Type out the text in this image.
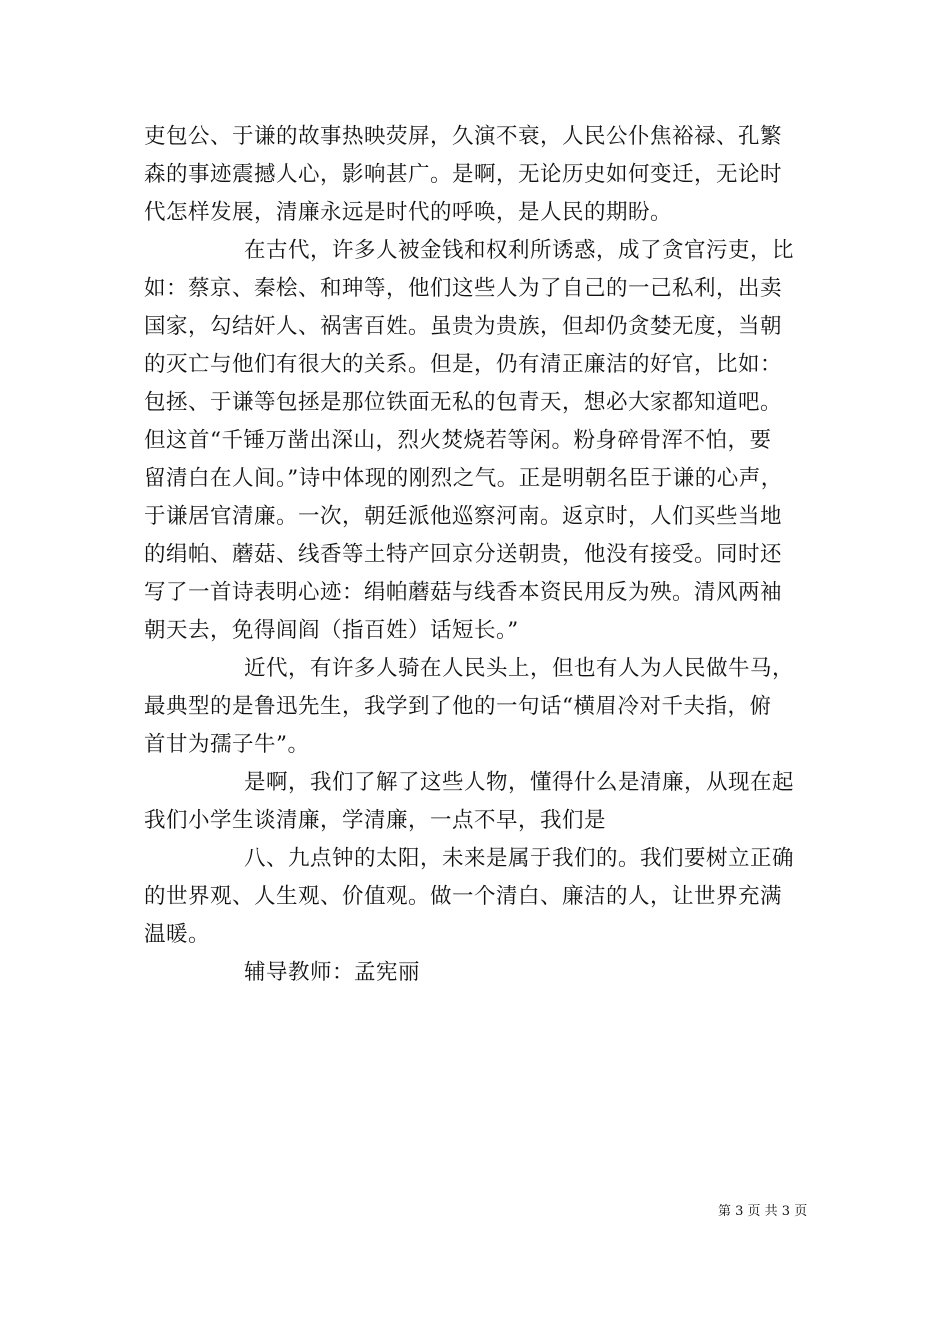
吏包公、于谦的故事热映荧屏，久演不衰，人民公仆焦裕禄、孔繁
森的事迹震撼人心，影响甚广。是啊，无论历史如何变迁，无论时
代怎样发展，清廉永远是时代的呼唤，是人民的期盼。
在古代，许多人被金钱和权利所诱惑，成了贪官污吏，比
如：蔡京、秦桧、和珅等，他们这些人为了自己的一己私利，出卖
国家，勾结奸人、祸害百姓。虽贵为贵族，但却仍贪婪无度，当朝
的灭亡与他们有很大的关系。但是，仍有清正廉洁的好官，比如：
包拯、于谦等包拯是那位铁面无私的包青天，想必大家都知道吧。
但这首“千锤万凿出深山，烈火焚烧若等闲。粉身碎骨浑不怕，要
留清白在人间。”诗中体现的刚烈之气。正是明朝名臣于谦的心声，
于谦居官清廉。一次，朝廷派他巡察河南。返京时，人们买些当地
的绢帕、蘑菇、线香等土特产回京分送朝贵，他没有接受。同时还
写了一首诗表明心迹：绢帕蘑菇与线香本资民用反为殃。清风两袖
朝天去，免得闾阎（指百姓）话短长。”
近代，有许多人骑在人民头上，但也有人为人民做牛马，
最典型的是鲁迅先生，我学到了他的一句话“横眉冷对千夫指，俯
首甘为孺子牛”。
是啊，我们了解了这些人物，懂得什么是清廉，从现在起
我们小学生谈清廉，学清廉，一点不早，我们是
八、九点钟的太阳，未来是属于我们的。我们要树立正确
的世界观、人生观、价值观。做一个清白、廉洁的人，让世界充满
温暖。
辅导教师：孟宪丽
第 3 页 共 3 页
